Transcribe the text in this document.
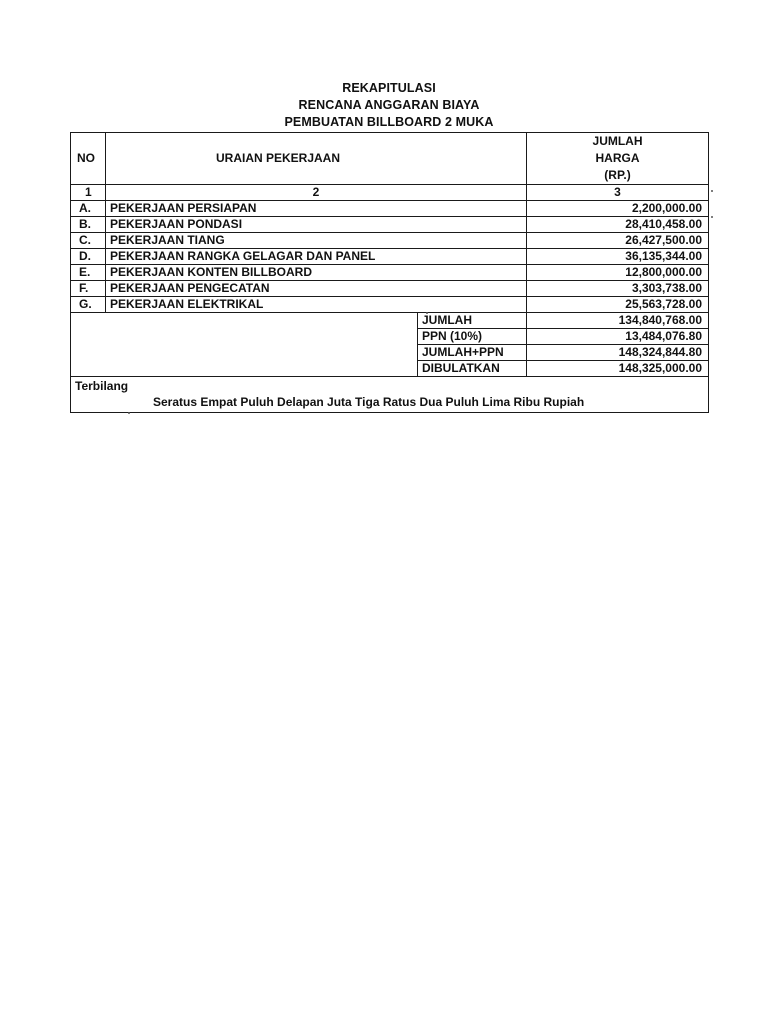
REKAPITULASI
RENCANA ANGGARAN BIAYA
PEMBUATAN BILLBOARD 2 MUKA
NO	URAIAN PEKERJAAN		JUMLAH
HARGA
(RP.)

1	2		3
A.	PEKERJAAN PERSIAPAN		2,200,000.00
B.	PEKERJAAN PONDASI		28,410,458.00
C.	PEKERJAAN TIANG		26,427,500.00
D.	PEKERJAAN RANGKA GELAGAR DAN PANEL		36,135,344.00
E.	PEKERJAAN KONTEN BILLBOARD		12,800,000.00
F.	PEKERJAAN PENGECATAN		3,303,738.00
G.	PEKERJAAN ELEKTRIKAL		25,563,728.00
		JUMLAH	134,840,768.00
		PPN (10%)	13,484,076.80
		JUMLAH+PPN	148,324,844.80
		DIBULATKAN	148,325,000.00

Terbilang
Seratus Empat Puluh Delapan Juta Tiga Ratus Dua Puluh Lima Ribu Rupiah			
